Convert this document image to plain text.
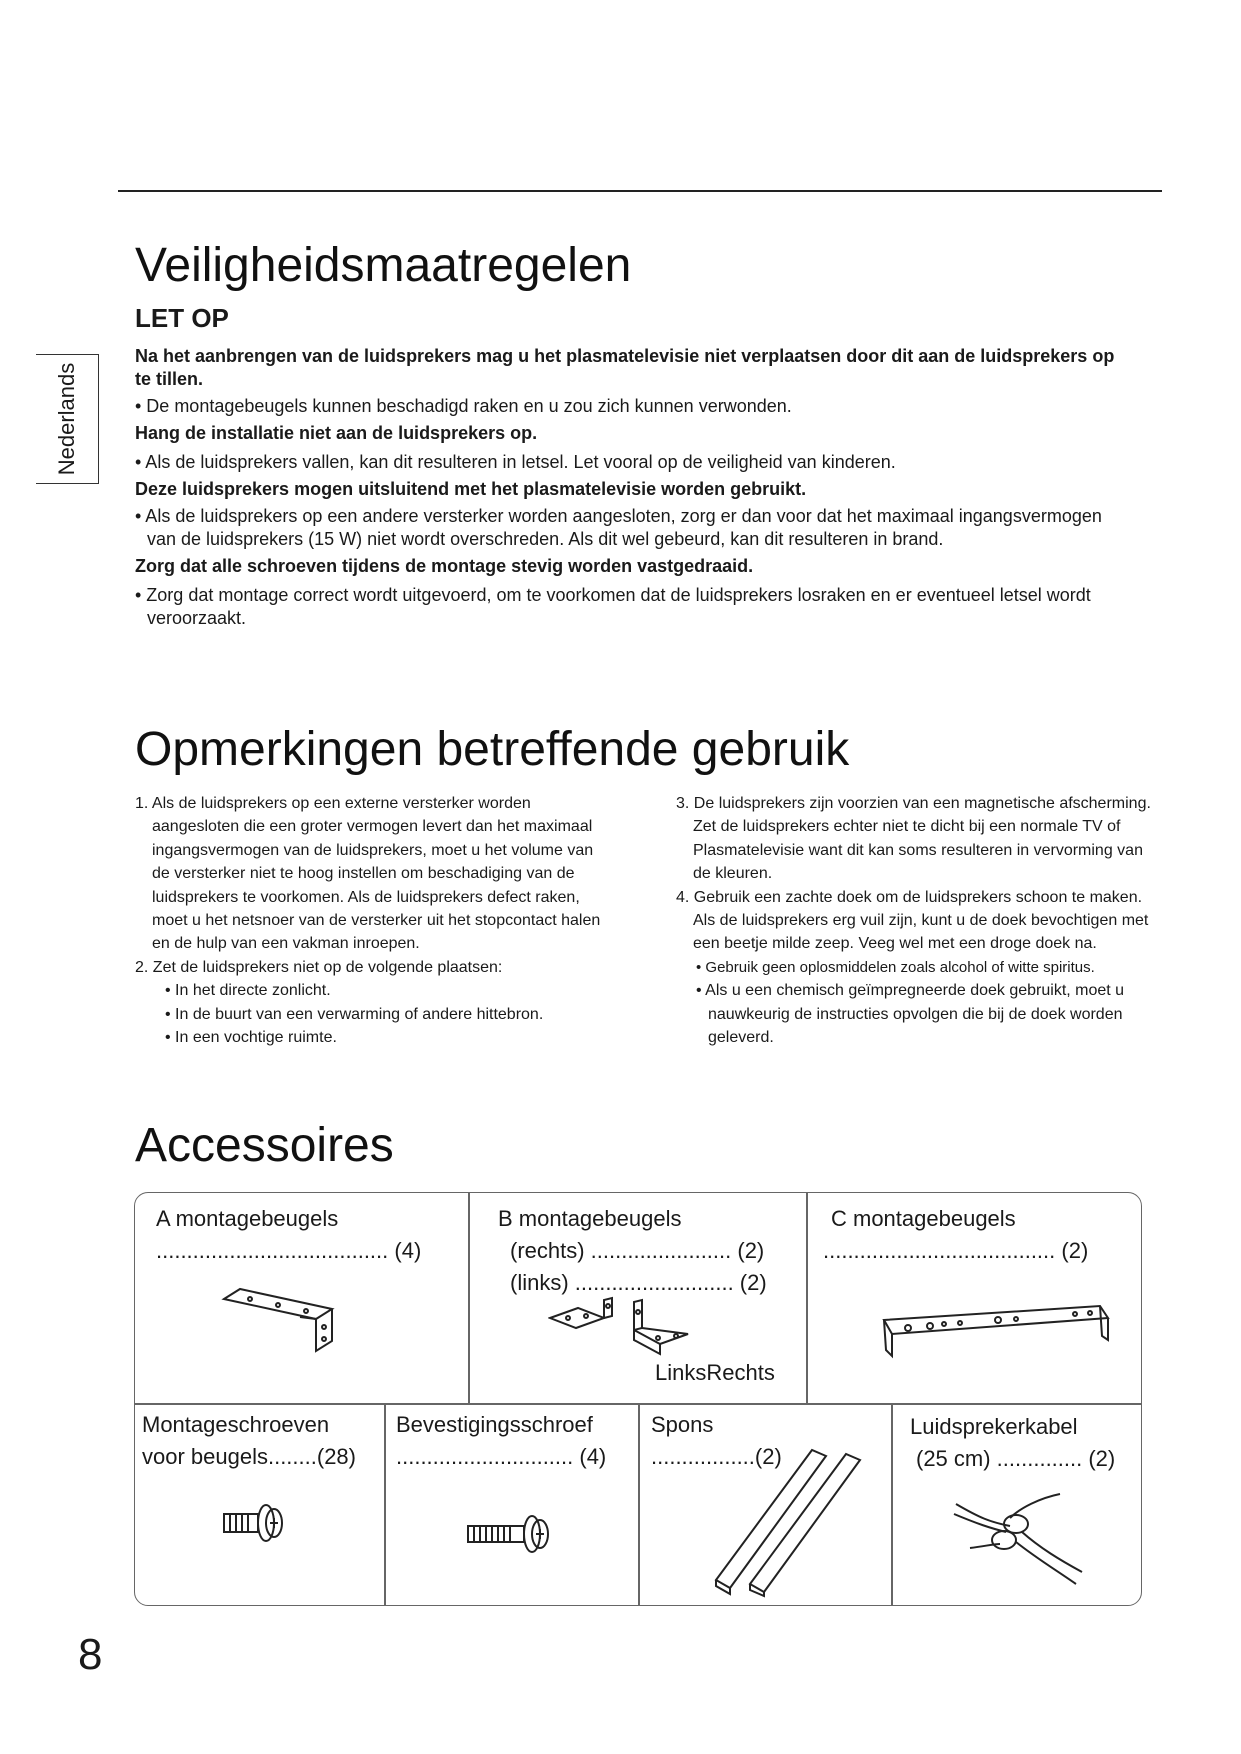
Nederlands
Veiligheidsmaatregelen
LET OP

Na het aanbrengen van de luidsprekers mag u het plasmatelevisie niet verplaatsen door dit aan de luidsprekers op te tillen.

• De montagebeugels kunnen beschadigd raken en u zou zich kunnen verwonden.

Hang de installatie niet aan de luidsprekers op.

• Als de luidsprekers vallen, kan dit resulteren in letsel. Let vooral op de veiligheid van kinderen.

Deze luidsprekers mogen uitsluitend met het plasmatelevisie worden gebruikt.

• Als de luidsprekers op een andere versterker worden aangesloten, zorg er dan voor dat het maximaal ingangsvermogen van de luidsprekers (15 W) niet wordt overschreden. Als dit wel gebeurd, kan dit resulteren in brand.

Zorg dat alle schroeven tijdens de montage stevig worden vastgedraaid.

• Zorg dat montage correct wordt uitgevoerd, om te voorkomen dat de luidsprekers losraken en er eventueel letsel wordt veroorzaakt.

Opmerkingen betreffende gebruik

1. Als de luidsprekers op een externe versterker worden aangesloten die een groter vermogen levert dan het maximaal ingangsvermogen van de luidsprekers, moet u het volume van de versterker niet te hoog instellen om beschadiging van de luidsprekers te voorkomen. Als de luidsprekers defect raken, moet u het netsnoer van de versterker uit het stopcontact halen en de hulp van een vakman inroepen.

2. Zet de luidsprekers niet op de volgende plaatsen:

• In het directe zonlicht.

• In de buurt van een verwarming of andere hittebron.

• In een vochtige ruimte.

3. De luidsprekers zijn voorzien van een magnetische afscherming. Zet de luidsprekers echter niet te dicht bij een normale TV of Plasmatelevisie want dit kan soms resulteren in vervorming van de kleuren.

4. Gebruik een zachte doek om de luidsprekers schoon te maken. Als de luidsprekers erg vuil zijn, kunt u de doek bevochtigen met een beetje milde zeep. Veeg wel met een droge doek na.

• Gebruik geen oplosmiddelen zoals alcohol of witte spiritus.

• Als u een chemisch geïmpregneerde doek gebruikt, moet u nauwkeurig de instructies opvolgen die bij de doek worden geleverd.

Accessoires
A montagebeugels
...................................... (4)
B montagebeugels
(rechts) ....................... (2)
(links) .......................... (2)
LinksRechts
C montagebeugels
...................................... (2)
Montageschroeven
voor beugels........(28)
Bevestigingsschroef
............................. (4)
Spons
.................(2)
Luidsprekerkabel
(25 cm) .............. (2)
8
